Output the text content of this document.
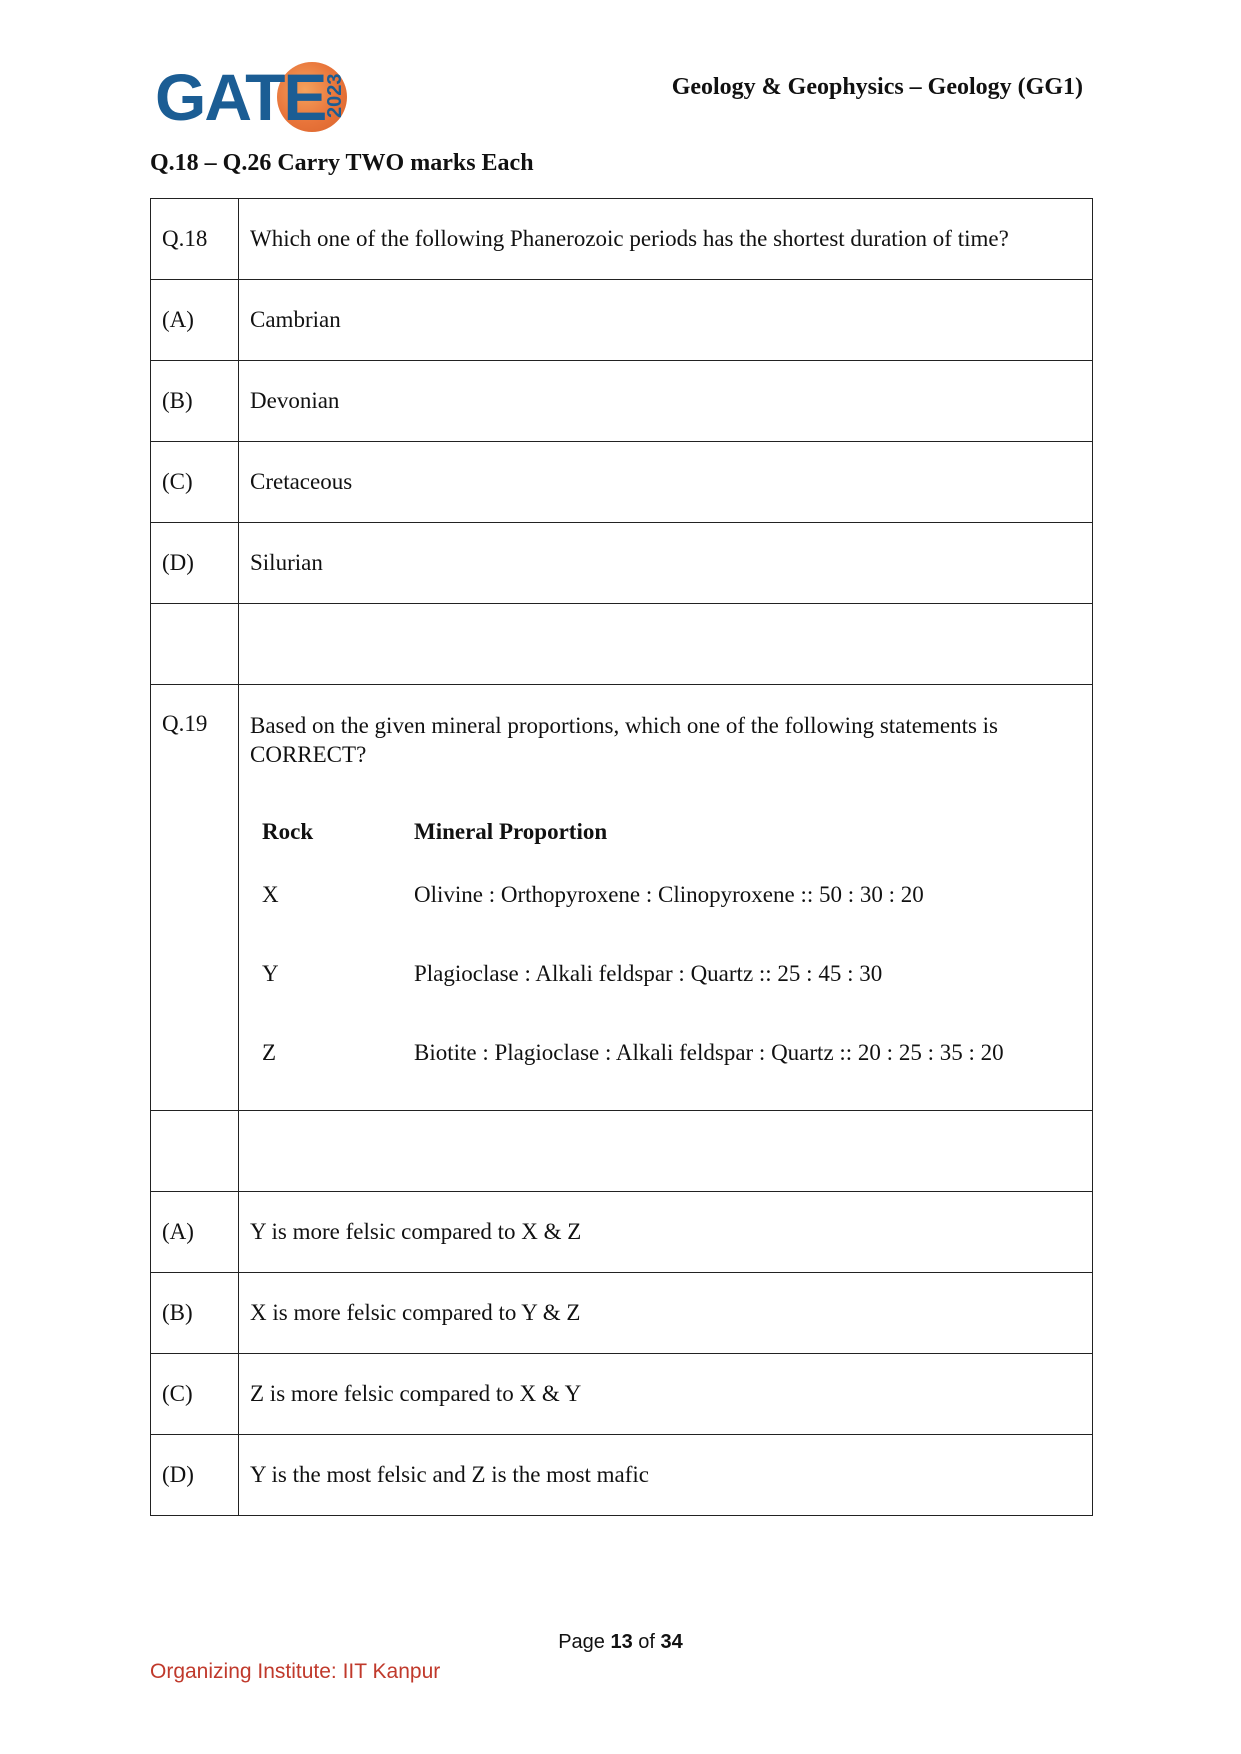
GATE
2023	Geology & Geophysics – Geology (GG1)
Q.18 – Q.26 Carry TWO marks Each
Q.18	Which one of the following Phanerozoic periods has the shortest duration of time?
(A)	Cambrian
(B)	Devonian
(C)	Cretaceous
(D)	Silurian

Q.19	Based on the given mineral proportions, which one of the following statements is CORRECT?
Rock	Mineral Proportion
X	Olivine : Orthopyroxene : Clinopyroxene :: 50 : 30 : 20
Y	Plagioclase : Alkali feldspar : Quartz :: 25 : 45 : 30
Z	Biotite : Plagioclase : Alkali feldspar : Quartz :: 20 : 25 : 35 : 20

(A)	Y is more felsic compared to X & Z
(B)	X is more felsic compared to Y & Z
(C)	Z is more felsic compared to X & Y
(D)	Y is the most felsic and Z is the most mafic
Page 13 of 34
Organizing Institute: IIT Kanpur
